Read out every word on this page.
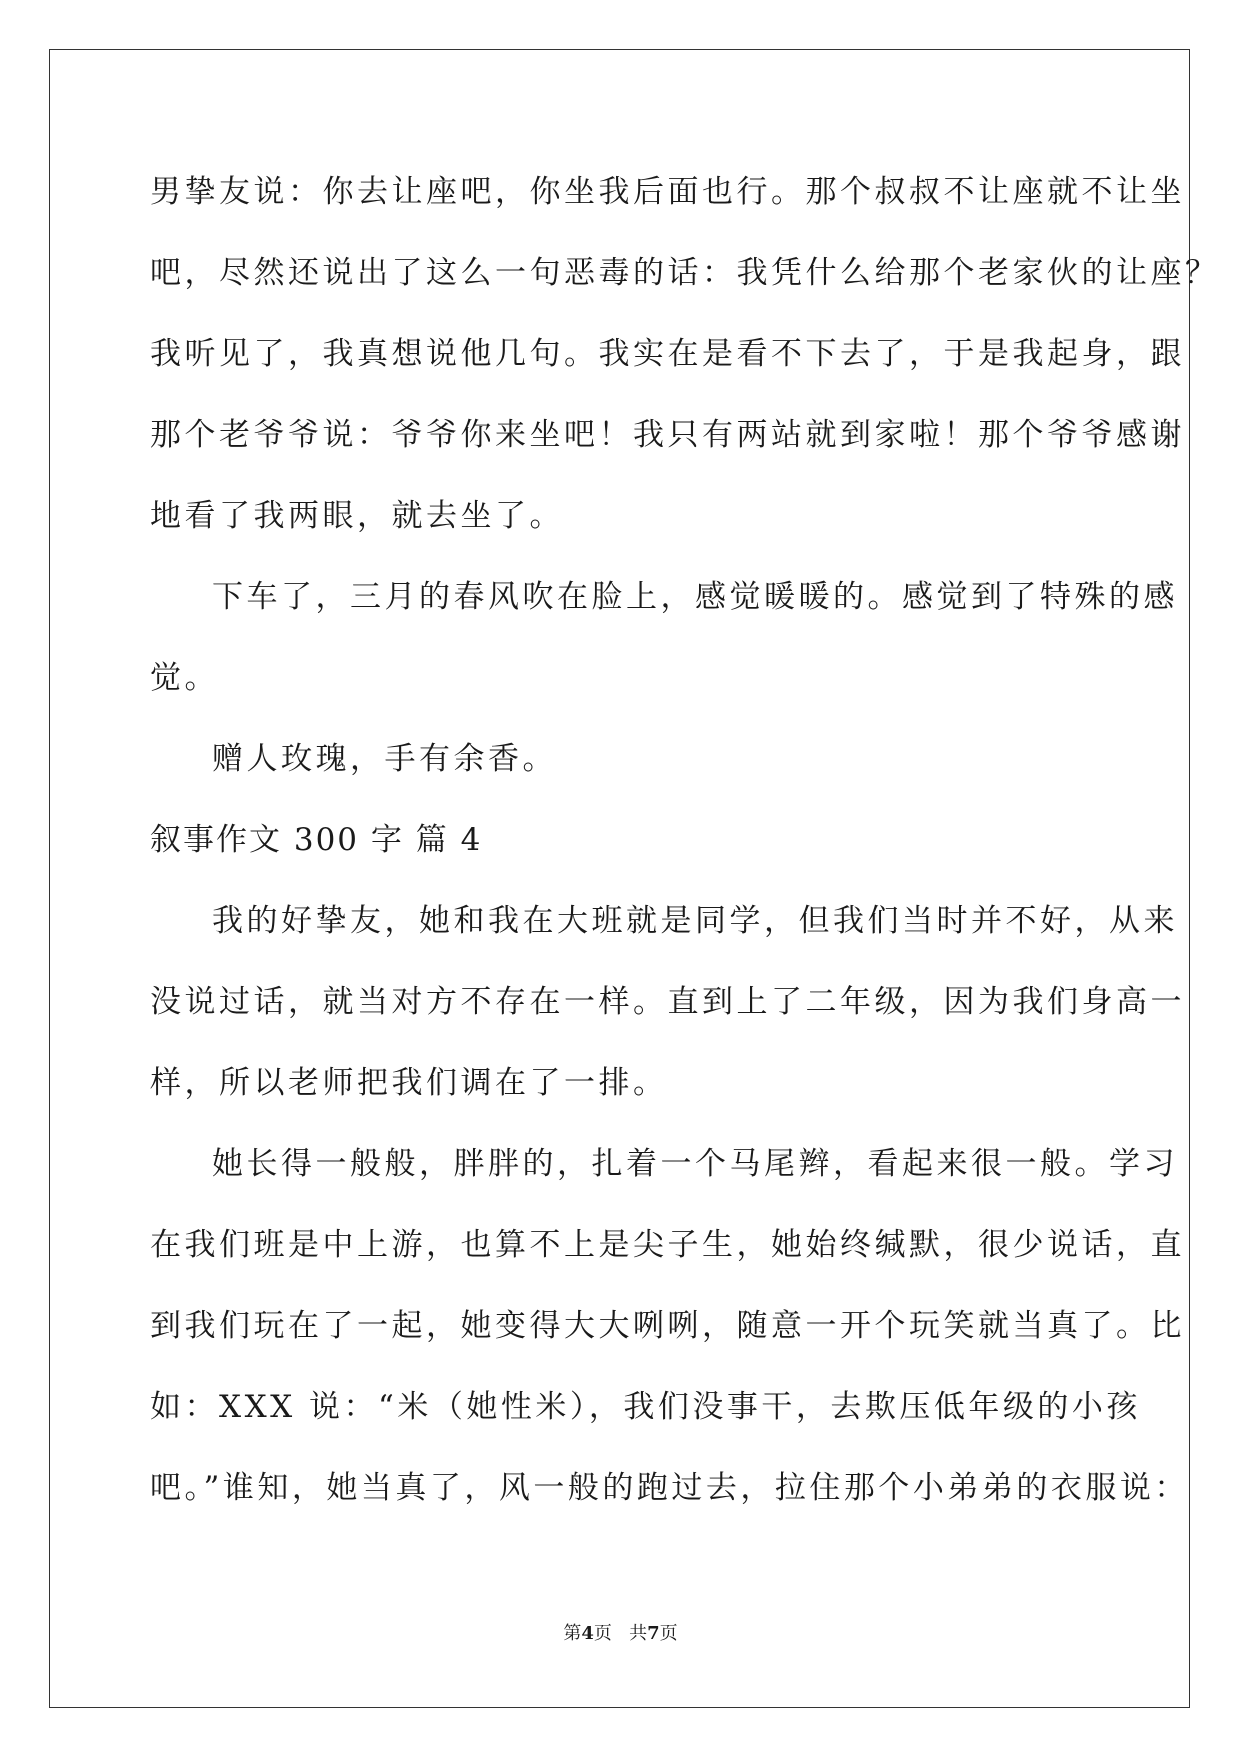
男挚友说：你去让座吧，你坐我后面也行。那个叔叔不让座就不让坐
吧，尽然还说出了这么一句恶毒的话：我凭什么给那个老家伙的让座？
我听见了，我真想说他几句。我实在是看不下去了，于是我起身，跟
那个老爷爷说：爷爷你来坐吧！我只有两站就到家啦！那个爷爷感谢
地看了我两眼，就去坐了。
下车了，三月的春风吹在脸上，感觉暖暖的。感觉到了特殊的感
觉。
赠人玫瑰，手有余香。
叙事作文 300 字 篇 4
我的好挚友，她和我在大班就是同学，但我们当时并不好，从来
没说过话，就当对方不存在一样。直到上了二年级，因为我们身高一
样，所以老师把我们调在了一排。
她长得一般般，胖胖的，扎着一个马尾辫，看起来很一般。学习
在我们班是中上游，也算不上是尖子生，她始终缄默，很少说话，直
到我们玩在了一起，她变得大大咧咧，随意一开个玩笑就当真了。比
如：XXX 说：“米（她性米），我们没事干，去欺压低年级的小孩
吧。”谁知，她当真了，风一般的跑过去，拉住那个小弟弟的衣服说：
第4页   共7页
